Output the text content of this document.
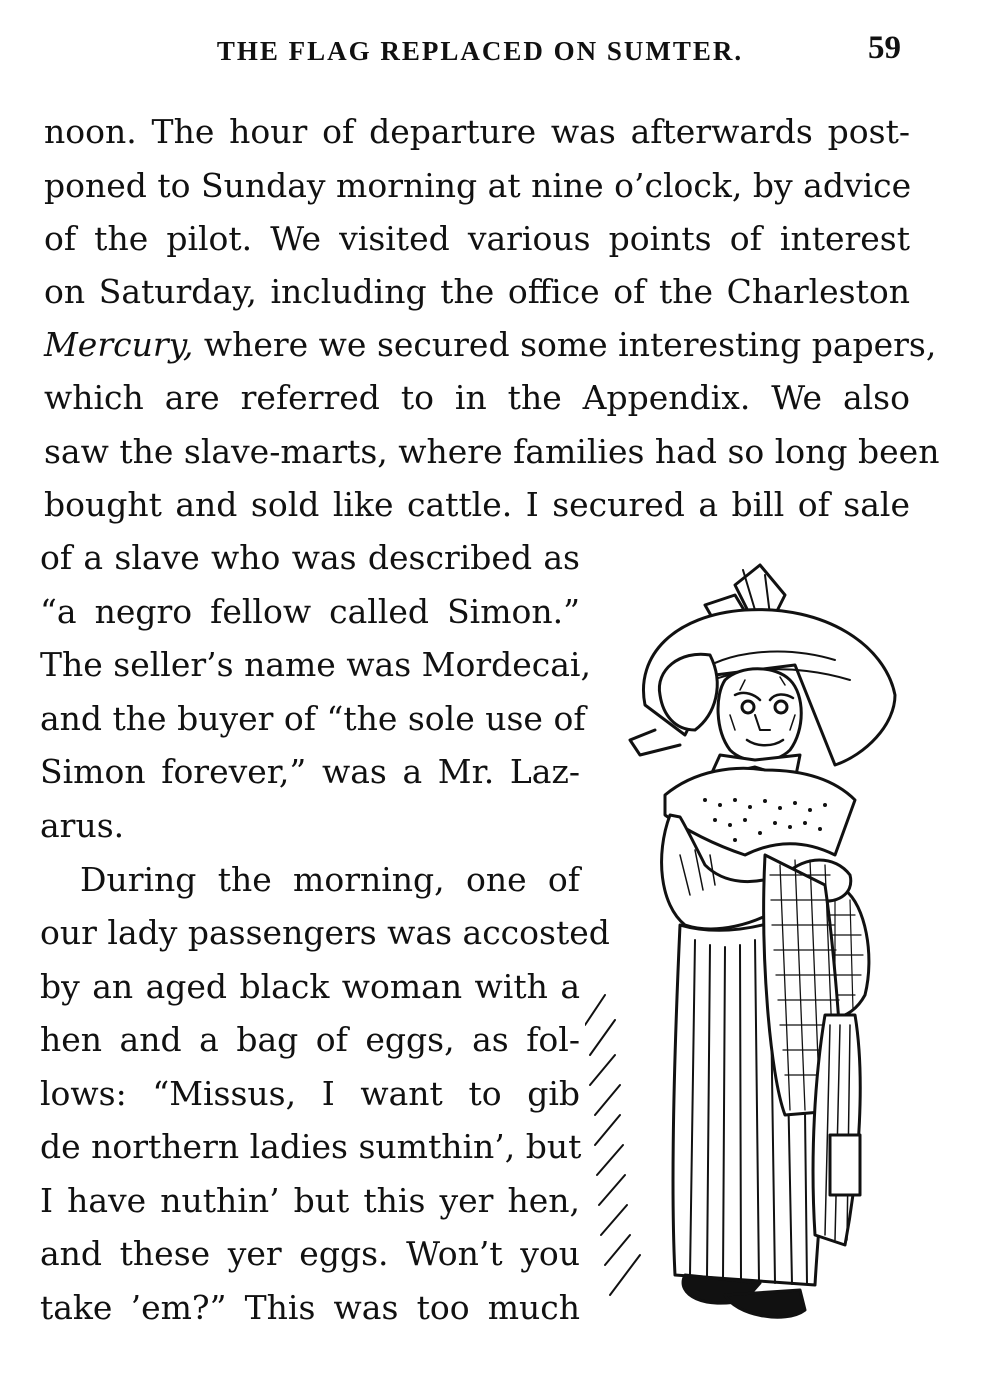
THE FLAG REPLACED ON SUMTER.	59
noon. The hour of departure was afterwards post-
poned to Sunday morning at nine o’clock, by advice
of the pilot. We visited various points of interest
on Saturday, including the office of the Charleston
Mercury, where we secured some interesting papers,
which are referred to in the Appendix. We also
saw the slave-marts, where families had so long been
bought and sold like cattle. I secured a bill of sale
of a slave who was described as
“a negro fellow called Simon.”
The seller’s name was Mordecai,
and the buyer of “the sole use of
Simon forever,” was a Mr. Laz-
arus.
During the morning, one of
our lady passengers was accosted
by an aged black woman with a
hen and a bag of eggs, as fol-
lows: “Missus, I want to gib
de northern ladies sumthin’, but
I have nuthin’ but this yer hen,
and these yer eggs. Won’t you
take ’em?” This was too much
